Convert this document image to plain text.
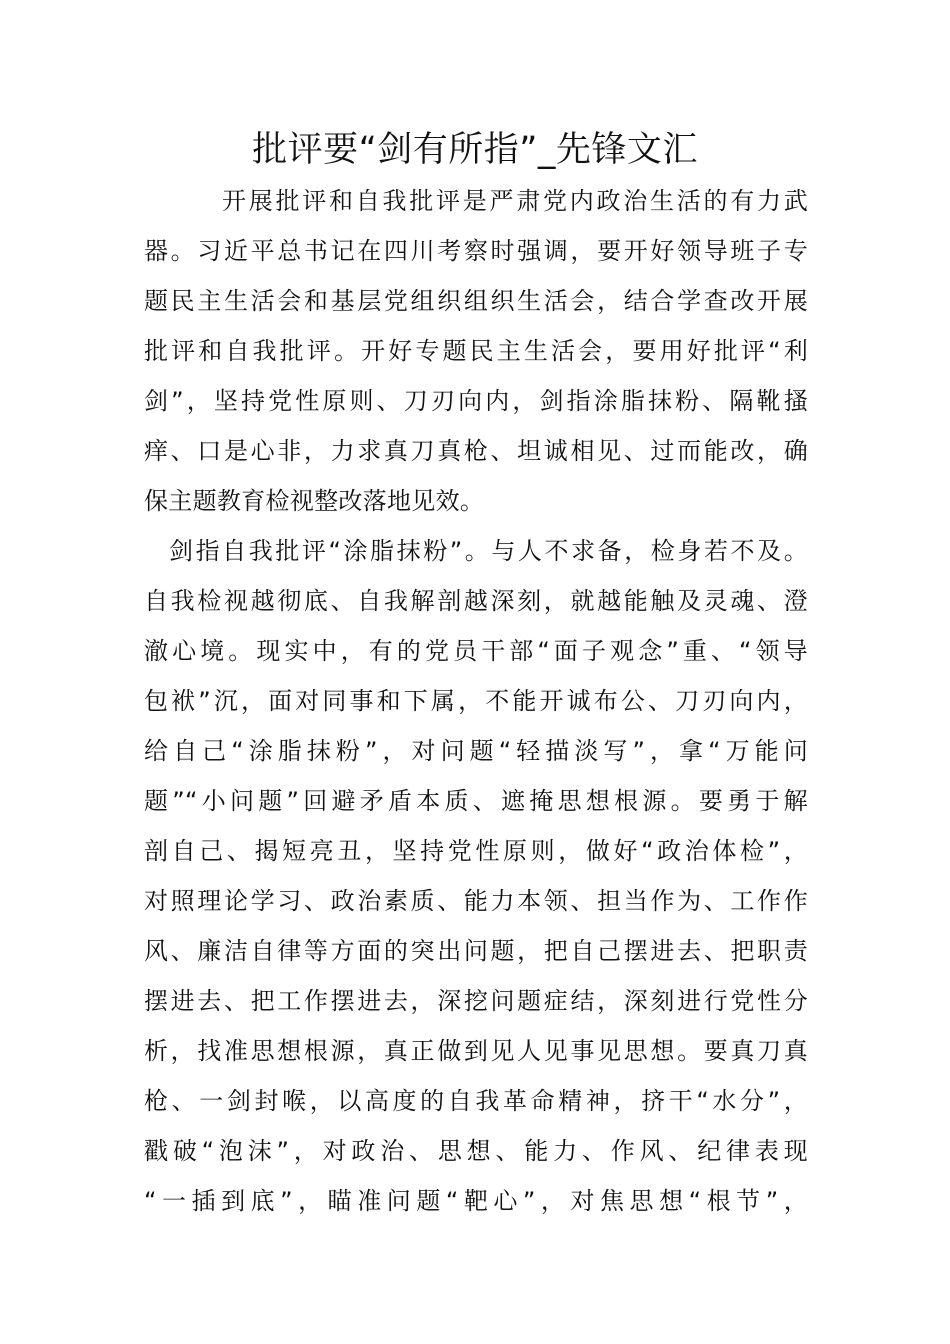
批评要“剑有所指”_先锋文汇
开展批评和自我批评是严肃党内政治生活的有力武
器。习近平总书记在四川考察时强调，要开好领导班子专
题民主生活会和基层党组织组织生活会，结合学查改开展
批评和自我批评。开好专题民主生活会，要用好批评“利
剑”，坚持党性原则、刀刃向内，剑指涂脂抹粉、隔靴搔
痒、口是心非，力求真刀真枪、坦诚相见、过而能改，确
保主题教育检视整改落地见效。
剑指自我批评“涂脂抹粉”。与人不求备，检身若不及。
自我检视越彻底、自我解剖越深刻，就越能触及灵魂、澄
澈心境。现实中，有的党员干部“面子观念”重、“领导
包袱”沉，面对同事和下属，不能开诚布公、刀刃向内，
给自己“涂脂抹粉”，对问题“轻描淡写”，拿“万能问
题”“小问题”回避矛盾本质、遮掩思想根源。要勇于解
剖自己、揭短亮丑，坚持党性原则，做好“政治体检”，
对照理论学习、政治素质、能力本领、担当作为、工作作
风、廉洁自律等方面的突出问题，把自己摆进去、把职责
摆进去、把工作摆进去，深挖问题症结，深刻进行党性分
析，找准思想根源，真正做到见人见事见思想。要真刀真
枪、一剑封喉，以高度的自我革命精神，挤干“水分”，
戳破“泡沫”，对政治、思想、能力、作风、纪律表现
“一插到底”，瞄准问题“靶心”，对焦思想“根节”，
